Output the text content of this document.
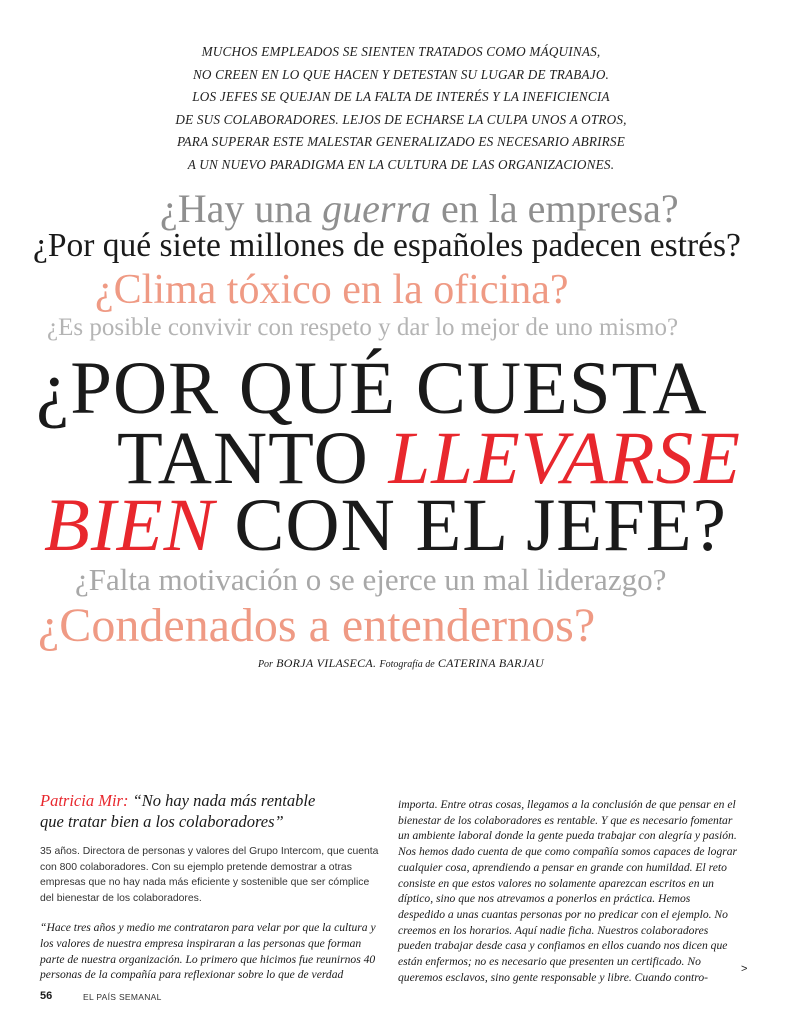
MUCHOS EMPLEADOS SE SIENTEN TRATADOS COMO MÁQUINAS,
NO CREEN EN LO QUE HACEN Y DETESTAN SU LUGAR DE TRABAJO.
LOS JEFES SE QUEJAN DE LA FALTA DE INTERÉS Y LA INEFICIENCIA
DE SUS COLABORADORES. LEJOS DE ECHARSE LA CULPA UNOS A OTROS,
PARA SUPERAR ESTE MALESTAR GENERALIZADO ES NECESARIO ABRIRSE
A UN NUEVO PARADIGMA EN LA CULTURA DE LAS ORGANIZACIONES.
¿Hay una guerra en la empresa?
¿Por qué siete millones de españoles padecen estrés?
¿Clima tóxico en la oficina?
¿Es posible convivir con respeto y dar lo mejor de uno mismo?
¿POR QUÉ CUESTA
TANTO LLEVARSE
BIEN CON EL JEFE?
¿Falta motivación o se ejerce un mal liderazgo?
¿Condenados a entendernos?
Por BORJA VILASECA. Fotografía de CATERINA BARJAU

Patricia Mir: “No hay nada más rentable
que tratar bien a los colaboradores”

35 años. Directora de personas y valores del Grupo Intercom, que cuenta con 800 colaboradores. Con su ejemplo pretende demostrar a otras empresas que no hay nada más eficiente y sostenible que ser cómplice del bienestar de los colaboradores.

“Hace tres años y medio me contrataron para velar por que la cultura y los valores de nuestra empresa inspiraran a las personas que forman parte de nuestra organización. Lo primero que hicimos fue reunirnos 40 personas de la compañía para reflexionar sobre lo que de verdad

importa. Entre otras cosas, llegamos a la conclusión de que pensar en el bienestar de los colaboradores es rentable. Y que es necesario fomentar un ambiente laboral donde la gente pueda trabajar con alegría y pasión. Nos hemos dado cuenta de que como compañía somos capaces de lograr cualquier cosa, aprendiendo a pensar en grande con humildad. El reto consiste en que estos valores no solamente aparezcan escritos en un díptico, sino que nos atrevamos a ponerlos en práctica. Hemos despedido a unas cuantas personas por no predicar con el ejemplo. No creemos en los horarios. Aquí nadie ficha. Nuestros colaboradores pueden trabajar desde casa y confiamos en ellos cuando nos dicen que están enfermos; no es necesario que presenten un certificado. No queremos esclavos, sino gente responsable y libre. Cuando contro-

>
56	EL PAÍS SEMANAL
